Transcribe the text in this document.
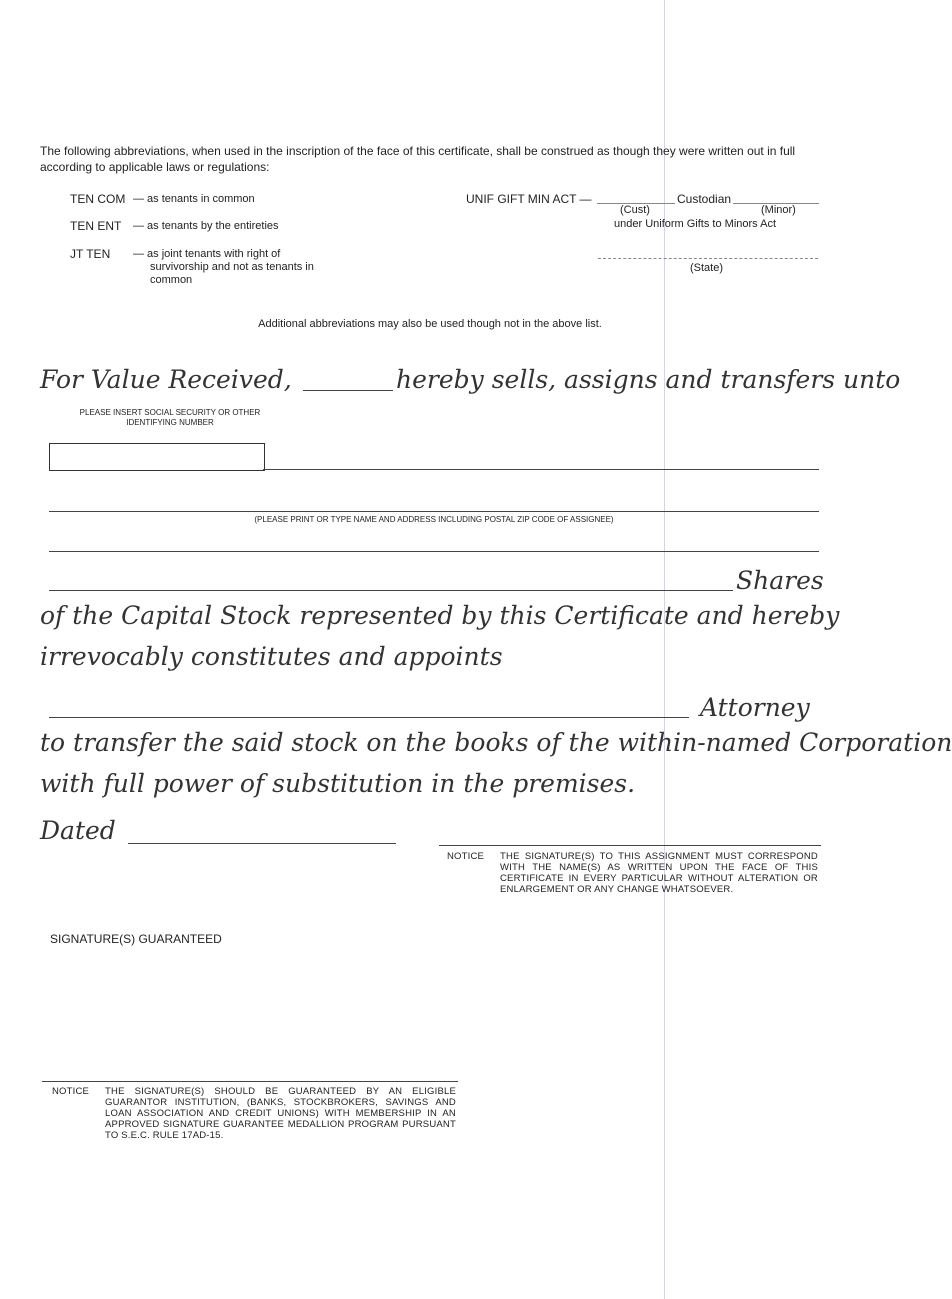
The following abbreviations, when used in the inscription of the face of this certificate, shall be construed as though they were written out in full according to applicable laws or regulations:
TEN COM — as tenants in common
TEN ENT — as tenants by the entireties
JT TEN — as joint tenants with right of survivorship and not as tenants in common
UNIF GIFT MIN ACT —	Custodian
(Cust)	(Minor)
under Uniform Gifts to Minors Act
(State)
Additional abbreviations may also be used though not in the above list.
For Value Received,	hereby sells, assigns and transfers unto
PLEASE INSERT SOCIAL SECURITY OR OTHER IDENTIFYING NUMBER
(PLEASE PRINT OR TYPE NAME AND ADDRESS INCLUDING POSTAL ZIP CODE OF ASSIGNEE)
Shares
of the Capital Stock represented by this Certificate and hereby
irrevocably constitutes and appoints
Attorney
to transfer the said stock on the books of the within-named Corporation
with full power of substitution in the premises.
Dated
NOTICE THE SIGNATURE(S) TO THIS ASSIGNMENT MUST CORRESPOND WITH THE NAME(S) AS WRITTEN UPON THE FACE OF THIS CERTIFICATE IN EVERY PARTICULAR WITHOUT ALTERATION OR ENLARGEMENT OR ANY CHANGE WHATSOEVER.
SIGNATURE(S) GUARANTEED
NOTICE THE SIGNATURE(S) SHOULD BE GUARANTEED BY AN ELIGIBLE GUARANTOR INSTITUTION, (BANKS, STOCKBROKERS, SAVINGS AND LOAN ASSOCIATION AND CREDIT UNIONS) WITH MEMBERSHIP IN AN APPROVED SIGNATURE GUARANTEE MEDALLION PROGRAM PURSUANT TO S.E.C. RULE 17AD-15.
